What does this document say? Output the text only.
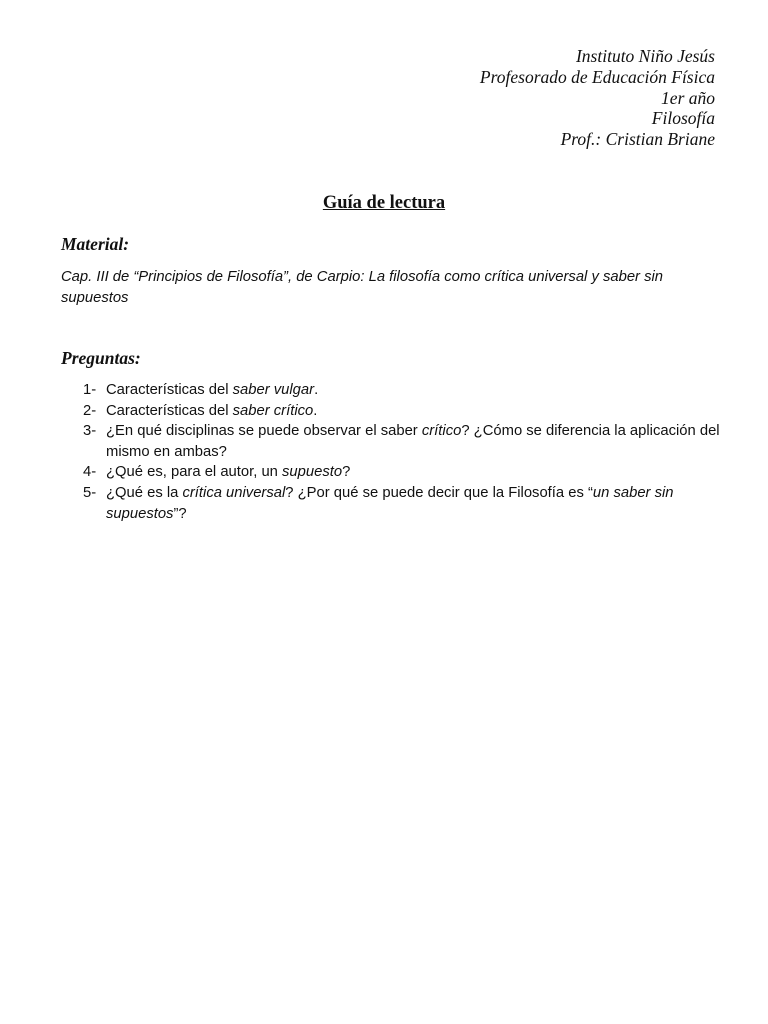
Instituto Niño Jesús
Profesorado de Educación Física
1er año
Filosofía
Prof.: Cristian Briane
Guía de lectura
Material:
Cap. III de “Principios de Filosofía”, de Carpio: La filosofía como crítica universal y saber sin supuestos
Preguntas:
1- Características del saber vulgar.
2- Características del saber crítico.
3- ¿En qué disciplinas se puede observar el saber crítico? ¿Cómo se diferencia la aplicación del mismo en ambas?
4- ¿Qué es, para el autor, un supuesto?
5- ¿Qué es la crítica universal? ¿Por qué se puede decir que la Filosofía es “un saber sin supuestos”?
